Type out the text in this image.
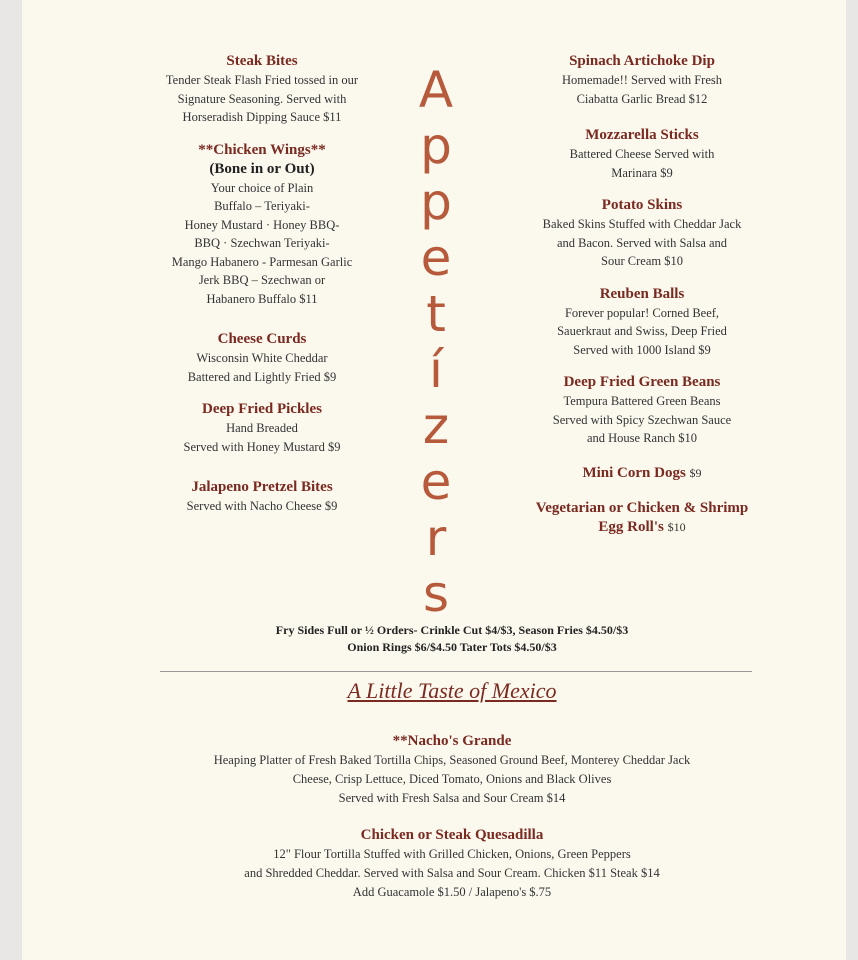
Steak Bites
Tender Steak Flash Fried tossed in our
Signature Seasoning. Served with
Horseradish Dipping Sauce $11
**Chicken Wings**
(Bone in or Out)
Your choice of Plain
Buffalo – Teriyaki-
Honey Mustard · Honey BBQ-
BBQ · Szechwan Teriyaki-
Mango Habanero - Parmesan Garlic
Jerk BBQ – Szechwan or
Habanero Buffalo $11
Cheese Curds
Wisconsin White Cheddar
Battered and Lightly Fried $9
Deep Fried Pickles
Hand Breaded
Served with Honey Mustard $9
Jalapeno Pretzel Bites
Served with Nacho Cheese $9
A
p
p
e
t
í
z
e
r
s
Spinach Artichoke Dip
Homemade!! Served with Fresh
Ciabatta Garlic Bread $12
Mozzarella Sticks
Battered Cheese Served with
Marinara $9
Potato Skins
Baked Skins Stuffed with Cheddar Jack
and Bacon. Served with Salsa and
Sour Cream $10
Reuben Balls
Forever popular! Corned Beef,
Sauerkraut and Swiss, Deep Fried
Served with 1000 Island $9
Deep Fried Green Beans
Tempura Battered Green Beans
Served with Spicy Szechwan Sauce
and House Ranch $10
Mini Corn Dogs $9
Vegetarian or Chicken & Shrimp
Egg Roll's $10
Fry Sides Full or ½ Orders- Crinkle Cut $4/$3, Season Fries $4.50/$3
Onion Rings $6/$4.50 Tater Tots $4.50/$3
A Little Taste of Mexico
**Nacho's Grande
Heaping Platter of Fresh Baked Tortilla Chips, Seasoned Ground Beef, Monterey Cheddar Jack
Cheese, Crisp Lettuce, Diced Tomato, Onions and Black Olives
Served with Fresh Salsa and Sour Cream $14
Chicken or Steak Quesadilla
12" Flour Tortilla Stuffed with Grilled Chicken, Onions, Green Peppers
and Shredded Cheddar. Served with Salsa and Sour Cream. Chicken $11 Steak $14
Add Guacamole $1.50 / Jalapeno's $.75
